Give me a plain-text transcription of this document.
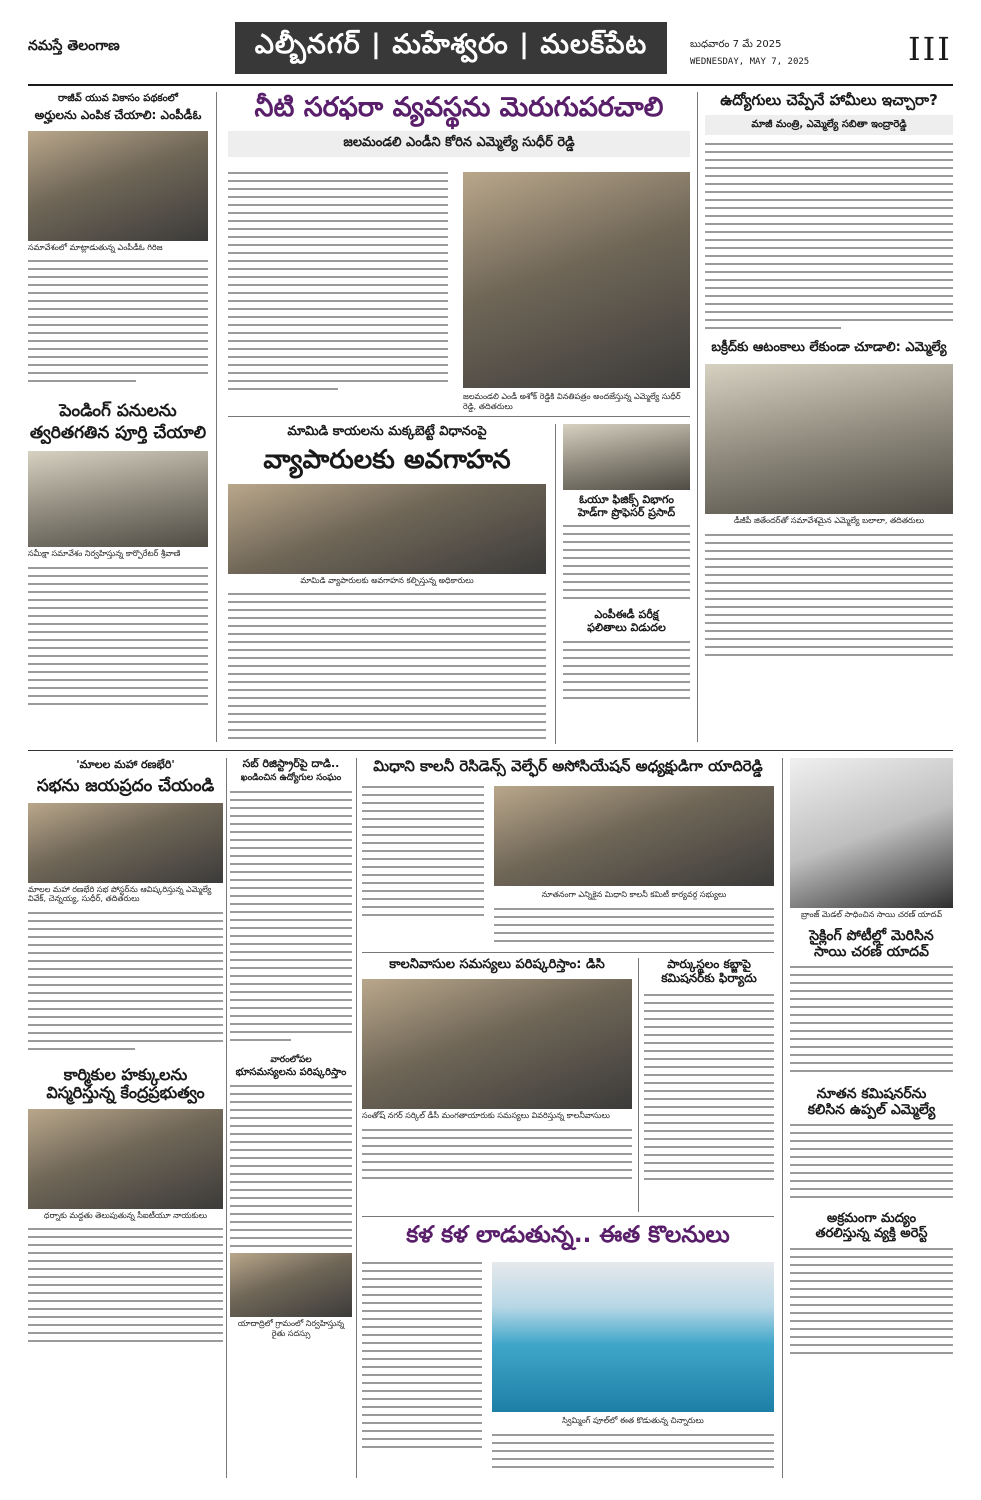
నమస్తే తెలంగాణ	ఎల్బీనగర్ | మహేశ్వరం | మలక్‌పేట	బుధవారం 7 మే 2025
WEDNESDAY, MAY 7, 2025	III
రాజీవ్ యువ వికాసం పథకంలో
అర్హులను ఎంపిక చేయాలి: ఎంపీడీఓ
సమావేశంలో మాట్లాడుతున్న ఎంపీడీఓ గిరిజ
పెండింగ్ పనులను
త్వరితగతిన పూర్తి చేయాలి
సమీక్షా సమావేశం నిర్వహిస్తున్న కార్పొరేటర్ శ్రీవాణి
నీటి సరఫరా వ్యవస్థను మెరుగుపరచాలి
జలమండలి ఎండీని కోరిన ఎమ్మెల్యే సుధీర్ రెడ్డి
జలమండలి ఎండీ అశోక్ రెడ్డికి వినతిపత్రం అందజేస్తున్న ఎమ్మెల్యే సుధీర్ రెడ్డి, తదితరులు
మామిడి కాయలను మక్కబెట్టే విధానంపై
వ్యాపారులకు అవగాహన
మామిడి వ్యాపారులకు అవగాహన కల్పిస్తున్న అధికారులు
ఓయూ ఫిజిక్స్ విభాగం
హెడ్‌గా ప్రొఫెసర్ ప్రసాద్
ఎంపీఈడీ పరీక్ష
ఫలితాలు విడుదల
ఉద్యోగులు చెప్పేనే హామీలు ఇచ్చారా?
మాజీ మంత్రి, ఎమ్మెల్యే సబితా ఇంద్రారెడ్డి
బక్రీద్‌కు ఆటంకాలు లేకుండా చూడాలి: ఎమ్మెల్యే
డీజీపీ జితేందర్‌తో సమావేశమైన ఎమ్మెల్యే బలాలా, తదితరులు
'మాలల మహా రణభేరి'
సభను జయప్రదం చేయండి
మాలల మహా రణభేరి సభ పోస్టర్‌ను ఆవిష్కరిస్తున్న ఎమ్మెల్యే వివేక్, చెన్నయ్య, సుధీర్, తదితరులు
కార్మికుల హక్కులను
విస్మరిస్తున్న కేంద్రప్రభుత్వం
ధర్నాకు మద్దతు తెలుపుతున్న సీఐటీయూ నాయకులు
సబ్ రిజిస్ట్రార్‌పై దాడి..
ఖండించిన ఉద్యోగుల సంఘం
వారంలోపల
భూసమస్యలను పరిష్కరిస్తాం
యాదాద్రిలో గ్రామంలో నిర్వహిస్తున్న రైతు సదస్సు
మిధాని కాలనీ రెసిడెన్స్ వెల్ఫేర్ అసోసియేషన్ అధ్యక్షుడిగా యాదిరెడ్డి
నూతనంగా ఎన్నికైన మిధాని కాలనీ కమిటీ కార్యవర్గ సభ్యులు
కాలనీవాసుల సమస్యలు పరిష్కరిస్తాం: డీసీ
సంతోష్ నగర్ సర్కిల్ డీసీ మంగతాయారుకు సమస్యలు వివరిస్తున్న కాలనీవాసులు
పార్కుస్థలం కబ్జాపై
కమిషనర్‌కు ఫిర్యాదు
కళ కళ లాడుతున్న.. ఈత కొలనులు
స్విమ్మింగ్ పూల్‌లో ఈత కొడుతున్న చిన్నారులు
బ్రాంజ్ మెడల్ సాధించిన సాయి చరణ్ యాదవ్
సైక్లింగ్ పోటీల్లో మెరిసిన
సాయి చరణ్ యాదవ్
నూతన కమిషనర్‌ను
కలిసిన ఉప్పల్ ఎమ్మెల్యే
అక్రమంగా మద్యం
తరలిస్తున్న వ్యక్తి అరెస్ట్
